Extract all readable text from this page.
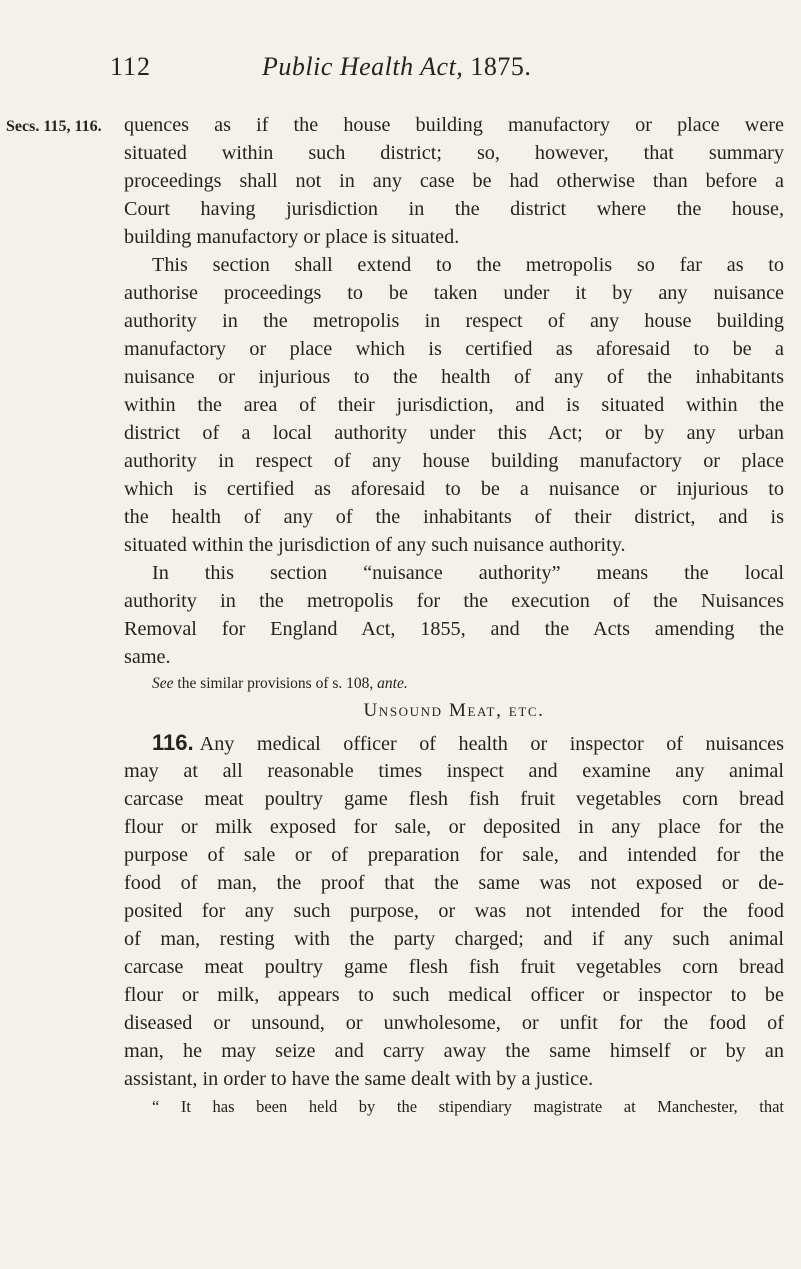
112	Public Health Act, 1875.
Secs. 115, 116. quences as if the house building manufactory or place were
situated within such district; so, however, that summary
proceedings shall not in any case be had otherwise than before a
Court having jurisdiction in the district where the house,
building manufactory or place is situated.
This section shall extend to the metropolis so far as to
authorise proceedings to be taken under it by any nuisance
authority in the metropolis in respect of any house building
manufactory or place which is certified as aforesaid to be a
nuisance or injurious to the health of any of the inhabitants
within the area of their jurisdiction, and is situated within the
district of a local authority under this Act; or by any urban
authority in respect of any house building manufactory or place
which is certified as aforesaid to be a nuisance or injurious to
the health of any of the inhabitants of their district, and is
situated within the jurisdiction of any such nuisance authority.
In this section “nuisance authority” means the local
authority in the metropolis for the execution of the Nuisances
Removal for England Act, 1855, and the Acts amending the
same.
See the similar provisions of s. 108, ante.
Unsound Meat, etc.
116. Any medical officer of health or inspector of nuisances
may at all reasonable times inspect and examine any animal
carcase meat poultry game flesh fish fruit vegetables corn bread
flour or milk exposed for sale, or deposited in any place for the
purpose of sale or of preparation for sale, and intended for the
food of man, the proof that the same was not exposed or de-
posited for any such purpose, or was not intended for the food
of man, resting with the party charged; and if any such animal
carcase meat poultry game flesh fish fruit vegetables corn bread
flour or milk, appears to such medical officer or inspector to be
diseased or unsound, or unwholesome, or unfit for the food of
man, he may seize and carry away the same himself or by an
assistant, in order to have the same dealt with by a justice.
“ It has been held by the stipendiary magistrate at Manchester, that
